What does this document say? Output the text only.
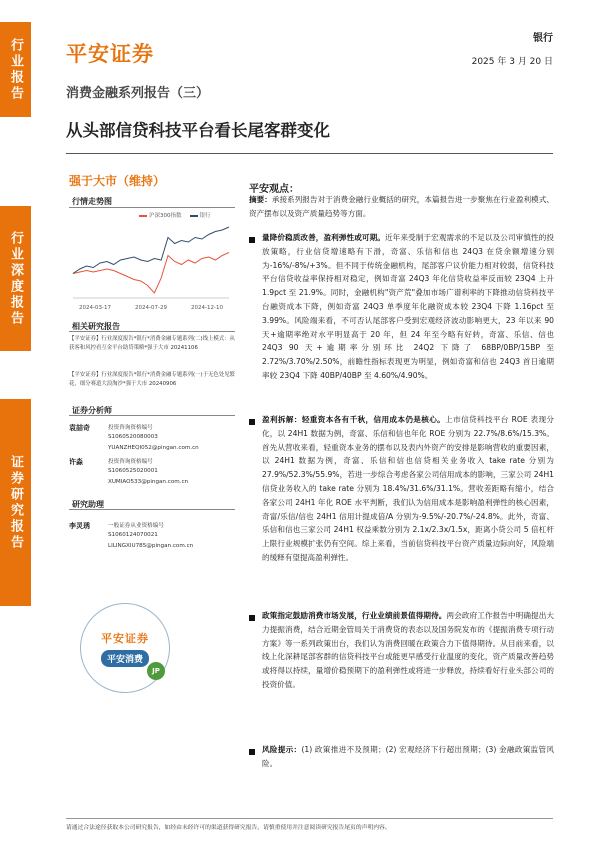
行业报告
行业深度报告
证券研究报告
平安证券
银行
2025 年 3 月 20 日
消费金融系列报告（三）
从头部信贷科技平台看长尾客群变化
强于大市（维持）
行情走势图
沪深300指数	银行
2024-03-17	2024-07-29	2024-12-10
相关研究报告
【平安证券】行业深度报告*银行*消费金融专题系列(二)线上模式：从获客和风控看互金平台助贷策略*强于大市 20241106
【平安证券】行业深度报告*银行*消费金融专题系列(一)于无色处见繁花，细分赛道大浪淘沙*强于大市 20240906
证券分析师
袁喆奇	投资咨询资格编号
S1060520080003
YUANZHEQI052@pingan.com.cn
许淼	投资咨询资格编号
S1060525020001
XUMIAO533@pingan.com.cn
研究助理
李灵琇	一般证券从业资格编号
S1060124070021
LILINGXIU785@pingan.com.cn
平安证券
平安消费
JP
平安观点：
摘要：承接系列报告对于消费金融行业概括的研究，本篇报告进一步聚焦在行业盈利模式、资产摆布以及资产质量趋势等方面。
量降价稳质改善，盈利弹性或可期。近年来受制于宏观需求的不足以及公司审慎性的投放策略，行业信贷增速略有下滑，奇富、乐信和信也 24Q3 在贷余额增速分别为-16%/-8%/+3%。但不同于传统金融机构，尾部客户议价能力相对较弱，信贷科技平台信贷收益率保持相对稳定，例如奇富 24Q3 年化信贷收益率反而较 23Q4 上升 1.9pct 至 21.9%。同时，金融机构"资产荒"叠加市场广谱利率的下降推动信贷科技平台融资成本下降，例如奇富 24Q3 单季度年化融资成本较 23Q4 下降 1.16pct 至 3.99%。风险端来看，不可否认尾部客户受到宏观经济波动影响更大，23 年以来 90 天+逾期率绝对水平明显高于 20 年，但 24 年至今略有好转，奇富、乐信、信也 24Q3 90 天+逾期率分别环比 24Q2 下降了 68BP/0BP/15BP 至 2.72%/3.70%/2.50%，前瞻性指标表现更为明显，例如奇富和信也 24Q3 首日逾期率较 23Q4 下降 40BP/40BP 至 4.60%/4.90%。
盈利拆解：轻重资本各有千秋，信用成本仍是核心。上市信贷科技平台 ROE 表现分化，以 24H1 数据为例，奇富、乐信和信也年化 ROE 分别为 22.7%/8.6%/15.3%。首先从营收来看，轻重资本业务的摆布以及表内外资产的安排是影响营收的重要因素，以 24H1 数据为例，奇富、乐信和信也信贷相关业务收入 take rate 分别为 27.9%/52.3%/55.9%，若进一步综合考虑各家公司信用成本的影响，三家公司 24H1 信贷业务收入的 take rate 分别为 18.4%/31.6%/31.1%。营收差距略有缩小，结合各家公司 24H1 年化 ROE 水平判断，我们认为信用成本是影响盈利弹性的核心因素，奇富/乐信/信也 24H1 信用计提成倍/A 分别为-9.5%/-20.7%/-24.8%。此外，奇富、乐信和信也三家公司 24H1 权益乘数分别为 2.1x/2.3x/1.5x，距离小贷公司 5 倍杠杆上限行业规模扩张仍有空间。综上来看，当前信贷科技平台资产质量边际向好，风险端的缓释有望提高盈利弹性。
政策指定鼓励消费市场发展，行业业绩前景值得期待。两会政府工作报告中明确提出大力提振消费，结合近期金管局关于消费贷的表态以及国务院发布的《提振消费专项行动方案》等一系列政策出台，我们认为消费回暖在政策合力下值得期待。从目前来看，以线上化深耕尾部客群的信贷科技平台或能更早感受行业温度的变化，资产质量改善趋势或将得以持续，量增价稳预期下的盈利弹性或将进一步释放，持续看好行业头部公司的投资价值。
风险提示：(1) 政策推进不及预期；(2) 宏观经济下行超出预期；(3) 金融政策监管风险。
请通过合法途径获取本公司研究报告，如经由未经许可的渠道获得研究报告，请慎重使用并注意阅读研究报告尾页的声明内容。
